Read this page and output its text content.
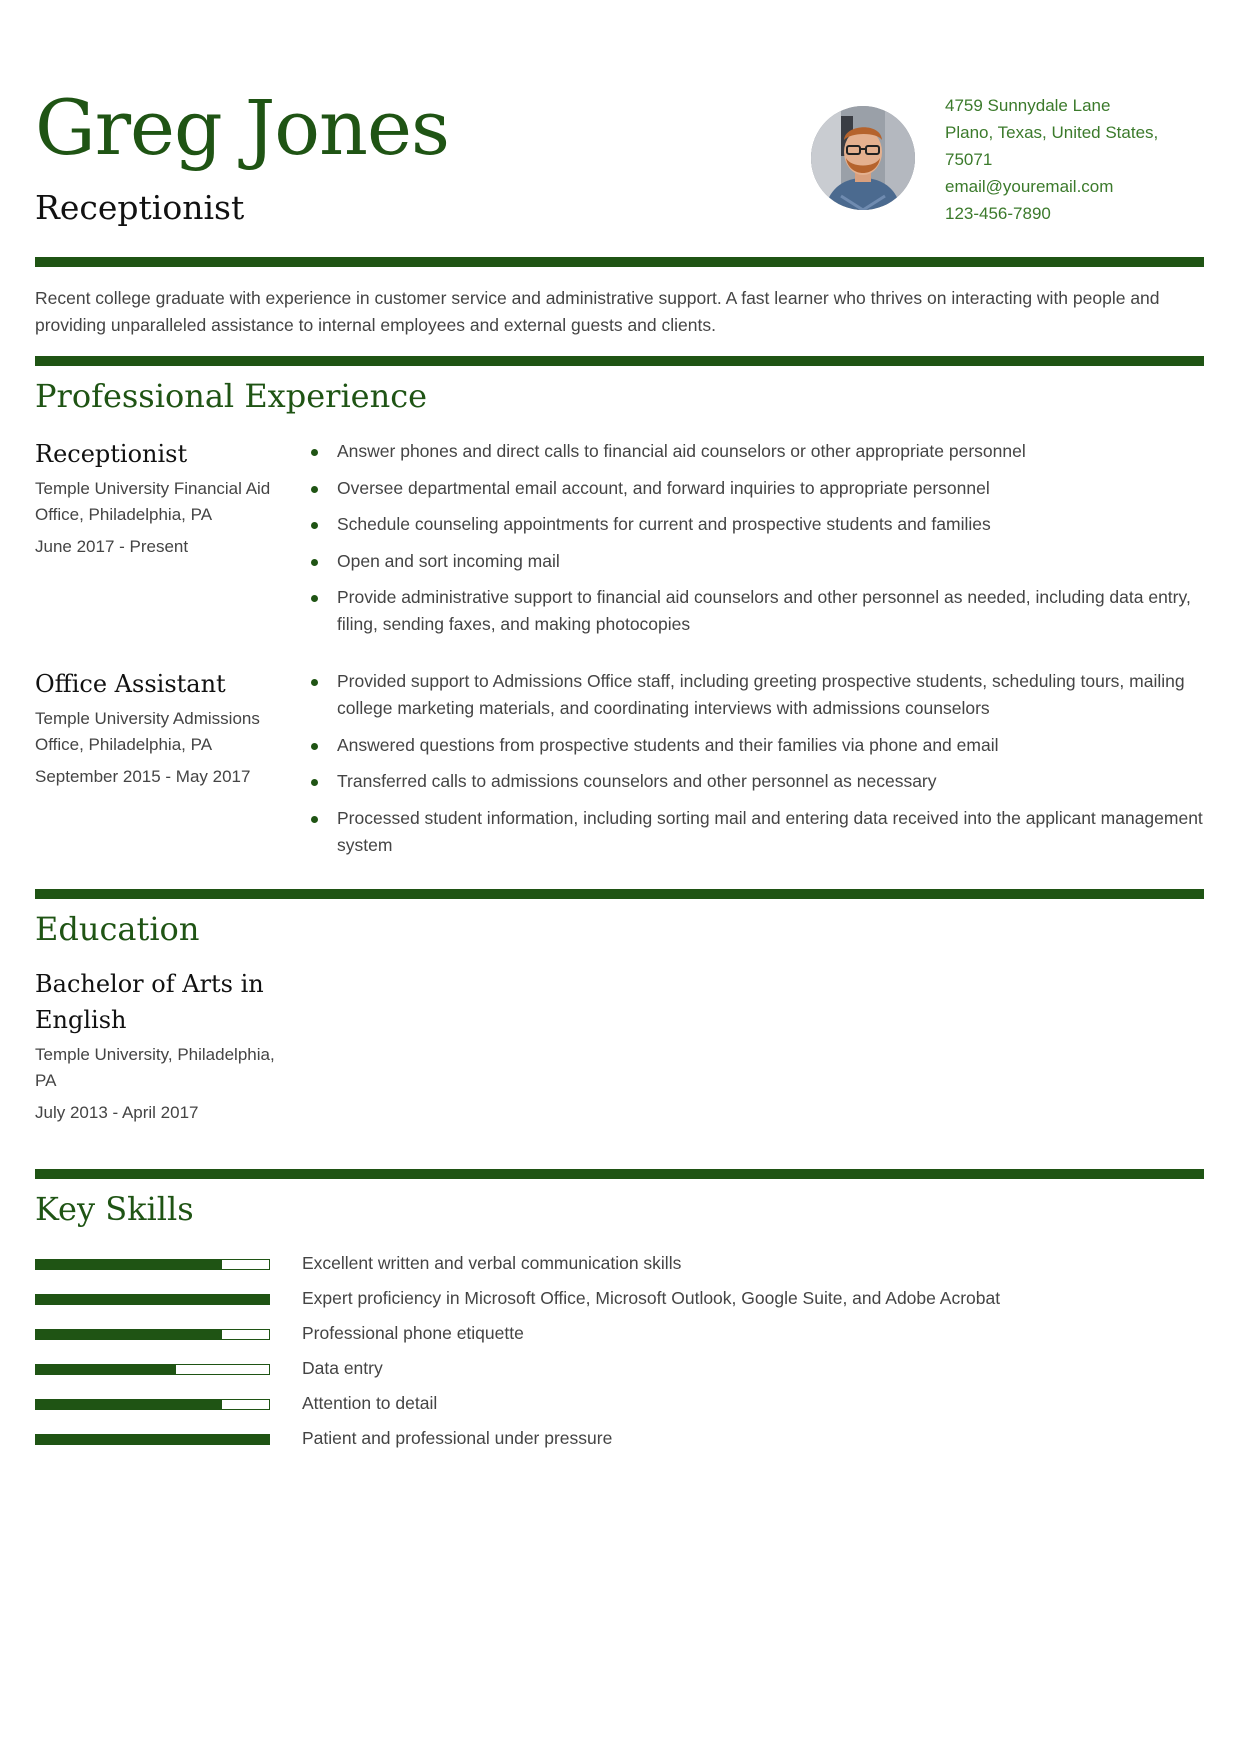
Greg Jones
Receptionist
4759 Sunnydale Lane
Plano, Texas, United States,
75071
email@youremail.com
123-456-7890

Recent college graduate with experience in customer service and administrative support. A fast learner who thrives on interacting with people and providing unparalleled assistance to internal employees and external guests and clients.

Professional Experience
Receptionist

Temple University Financial Aid Office, Philadelphia, PA

June 2017 - Present

Answer phones and direct calls to financial aid counselors or other appropriate personnel
Oversee departmental email account, and forward inquiries to appropriate personnel
Schedule counseling appointments for current and prospective students and families
Open and sort incoming mail
Provide administrative support to financial aid counselors and other personnel as needed, including data entry, filing, sending faxes, and making photocopies
Office Assistant

Temple University Admissions Office, Philadelphia, PA

September 2015 - May 2017

Provided support to Admissions Office staff, including greeting prospective students, scheduling tours, mailing college marketing materials, and coordinating interviews with admissions counselors
Answered questions from prospective students and their families via phone and email
Transferred calls to admissions counselors and other personnel as necessary
Processed student information, including sorting mail and entering data received into the applicant management system
Education
Bachelor of Arts in English

Temple University, Philadelphia, PA

July 2013 - April 2017

Key Skills
Excellent written and verbal communication skills
Expert proficiency in Microsoft Office, Microsoft Outlook, Google Suite, and Adobe Acrobat
Professional phone etiquette
Data entry
Attention to detail
Patient and professional under pressure
